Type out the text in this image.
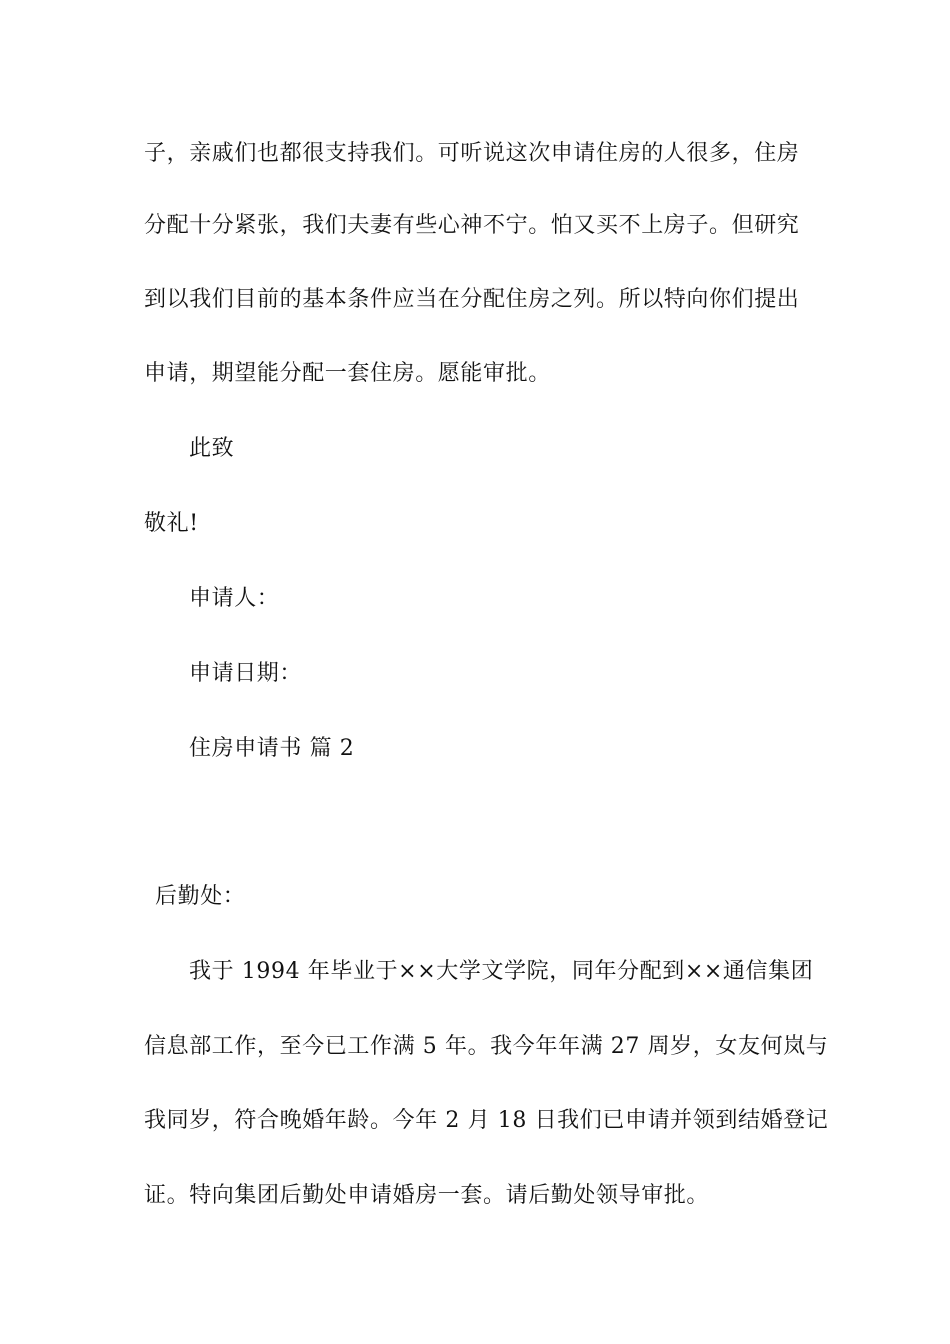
子，亲戚们也都很支持我们。可听说这次申请住房的人很多，住房
分配十分紧张，我们夫妻有些心神不宁。怕又买不上房子。但研究
到以我们目前的基本条件应当在分配住房之列。所以特向你们提出
申请，期望能分配一套住房。愿能审批。
此致
敬礼!
申请人：
申请日期：
住房申请书 篇 2
后勤处：
我于 1994 年毕业于××大学文学院，同年分配到××通信集团
信息部工作，至今已工作满 5 年。我今年年满 27 周岁，女友何岚与
我同岁，符合晚婚年龄。今年 2 月 18 日我们已申请并领到结婚登记
证。特向集团后勤处申请婚房一套。请后勤处领导审批。
